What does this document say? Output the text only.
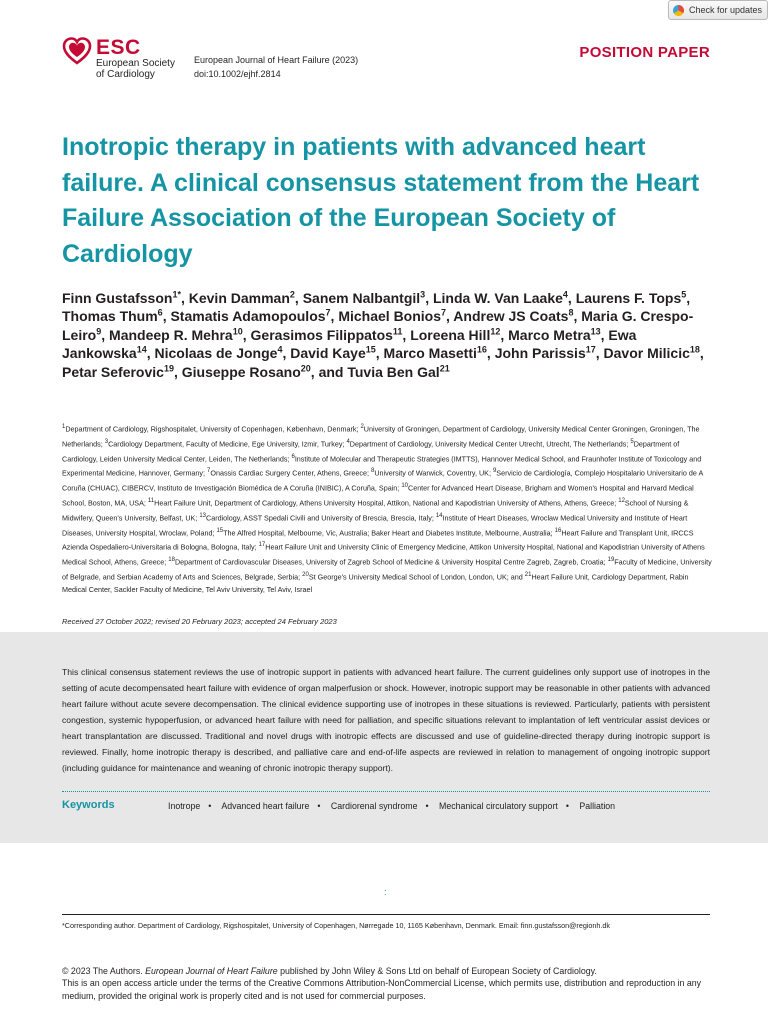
Check for updates
ESC
European Society
of Cardiology
European Journal of Heart Failure (2023)
doi:10.1002/ejhf.2814
POSITION PAPER
Inotropic therapy in patients with advanced heart failure. A clinical consensus statement from the Heart Failure Association of the European Society of Cardiology
Finn Gustafsson$^{1*}$, Kevin Damman$^2$, Sanem Nalbantgil$^3$, Linda W. Van Laake$^4$, Laurens F. Tops$^5$, Thomas Thum$^6$, Stamatis Adamopoulos$^7$, Michael Bonios$^7$, Andrew JS Coats$^8$, Maria G. Crespo-Leiro$^9$, Mandeep R. Mehra$^{10}$, Gerasimos Filippatos$^{11}$, Loreena Hill$^{12}$, Marco Metra$^{13}$, Ewa Jankowska$^{14}$, Nicolaas de Jonge$^4$, David Kaye$^{15}$, Marco Masetti$^{16}$, John Parissis$^{17}$, Davor Milicic$^{18}$, Petar Seferovic$^{19}$, Giuseppe Rosano$^{20}$, and Tuvia Ben Gal$^{21}$
$^1$Department of Cardiology, Rigshospitalet, University of Copenhagen, København, Denmark; $^2$University of Groningen, Department of Cardiology, University Medical Center Groningen, Groningen, The Netherlands; $^3$Cardiology Department, Faculty of Medicine, Ege University, Izmir, Turkey; $^4$Department of Cardiology, University Medical Center Utrecht, Utrecht, The Netherlands; $^5$Department of Cardiology, Leiden University Medical Center, Leiden, The Netherlands; $^6$Institute of Molecular and Therapeutic Strategies (IMTTS), Hannover Medical School, and Fraunhofer Institute of Toxicology and Experimental Medicine, Hannover, Germany; $^7$Onassis Cardiac Surgery Center, Athens, Greece; $^8$University of Warwick, Coventry, UK; $^9$Servicio de Cardiología, Complejo Hospitalario Universitario de A Coruña (CHUAC), CIBERCV, Instituto de Investigación Biomédica de A Coruña (INIBIC), A Coruña, Spain; $^{10}$Center for Advanced Heart Disease, Brigham and Women's Hospital and Harvard Medical School, Boston, MA, USA; $^{11}$Heart Failure Unit, Department of Cardiology, Athens University Hospital, Attikon, National and Kapodistrian University of Athens, Athens, Greece; $^{12}$School of Nursing & Midwifery, Queen's University, Belfast, UK; $^{13}$Cardiology, ASST Spedali Civili and University of Brescia, Brescia, Italy; $^{14}$Institute of Heart Diseases, Wroclaw Medical University and Institute of Heart Diseases, University Hospital, Wroclaw, Poland; $^{15}$The Alfred Hospital, Melbourne, Vic, Australia; Baker Heart and Diabetes Institute, Melbourne, Australia; $^{16}$Heart Failure and Transplant Unit, IRCCS Azienda Ospedaliero-Universitaria di Bologna, Bologna, Italy; $^{17}$Heart Failure Unit and University Clinic of Emergency Medicine, Attikon University Hospital, National and Kapodistrian University of Athens Medical School, Athens, Greece; $^{18}$Department of Cardiovascular Diseases, University of Zagreb School of Medicine & University Hospital Centre Zagreb, Zagreb, Croatia; $^{19}$Faculty of Medicine, University of Belgrade, and Serbian Academy of Arts and Sciences, Belgrade, Serbia; $^{20}$St George's University Medical School of London, London, UK; and $^{21}$Heart Failure Unit, Cardiology Department, Rabin Medical Center, Sackler Faculty of Medicine, Tel Aviv University, Tel Aviv, Israel
Received 27 October 2022; revised 20 February 2023; accepted 24 February 2023
This clinical consensus statement reviews the use of inotropic support in patients with advanced heart failure. The current guidelines only support use of inotropes in the setting of acute decompensated heart failure with evidence of organ malperfusion or shock. However, inotropic support may be reasonable in other patients with advanced heart failure without acute severe decompensation. The clinical evidence supporting use of inotropes in these situations is reviewed. Particularly, patients with persistent congestion, systemic hypoperfusion, or advanced heart failure with need for palliation, and specific situations relevant to implantation of left ventricular assist devices or heart transplantation are discussed. Traditional and novel drugs with inotropic effects are discussed and use of guideline-directed therapy during inotropic support is reviewed. Finally, home inotropic therapy is described, and palliative care and end-of-life aspects are reviewed in relation to management of ongoing inotropic support (including guidance for maintenance and weaning of chronic inotropic therapy support).
Keywords	Inotrope • Advanced heart failure • Cardiorenal syndrome • Mechanical circulatory support • Palliation
:
*Corresponding author. Department of Cardiology, Rigshospitalet, University of Copenhagen, Nørregade 10, 1165 København, Denmark. Email: finn.gustafsson@regionh.dk
© 2023 The Authors. European Journal of Heart Failure published by John Wiley & Sons Ltd on behalf of European Society of Cardiology.
This is an open access article under the terms of the Creative Commons Attribution-NonCommercial License, which permits use, distribution and reproduction in any medium, provided the original work is properly cited and is not used for commercial purposes.
